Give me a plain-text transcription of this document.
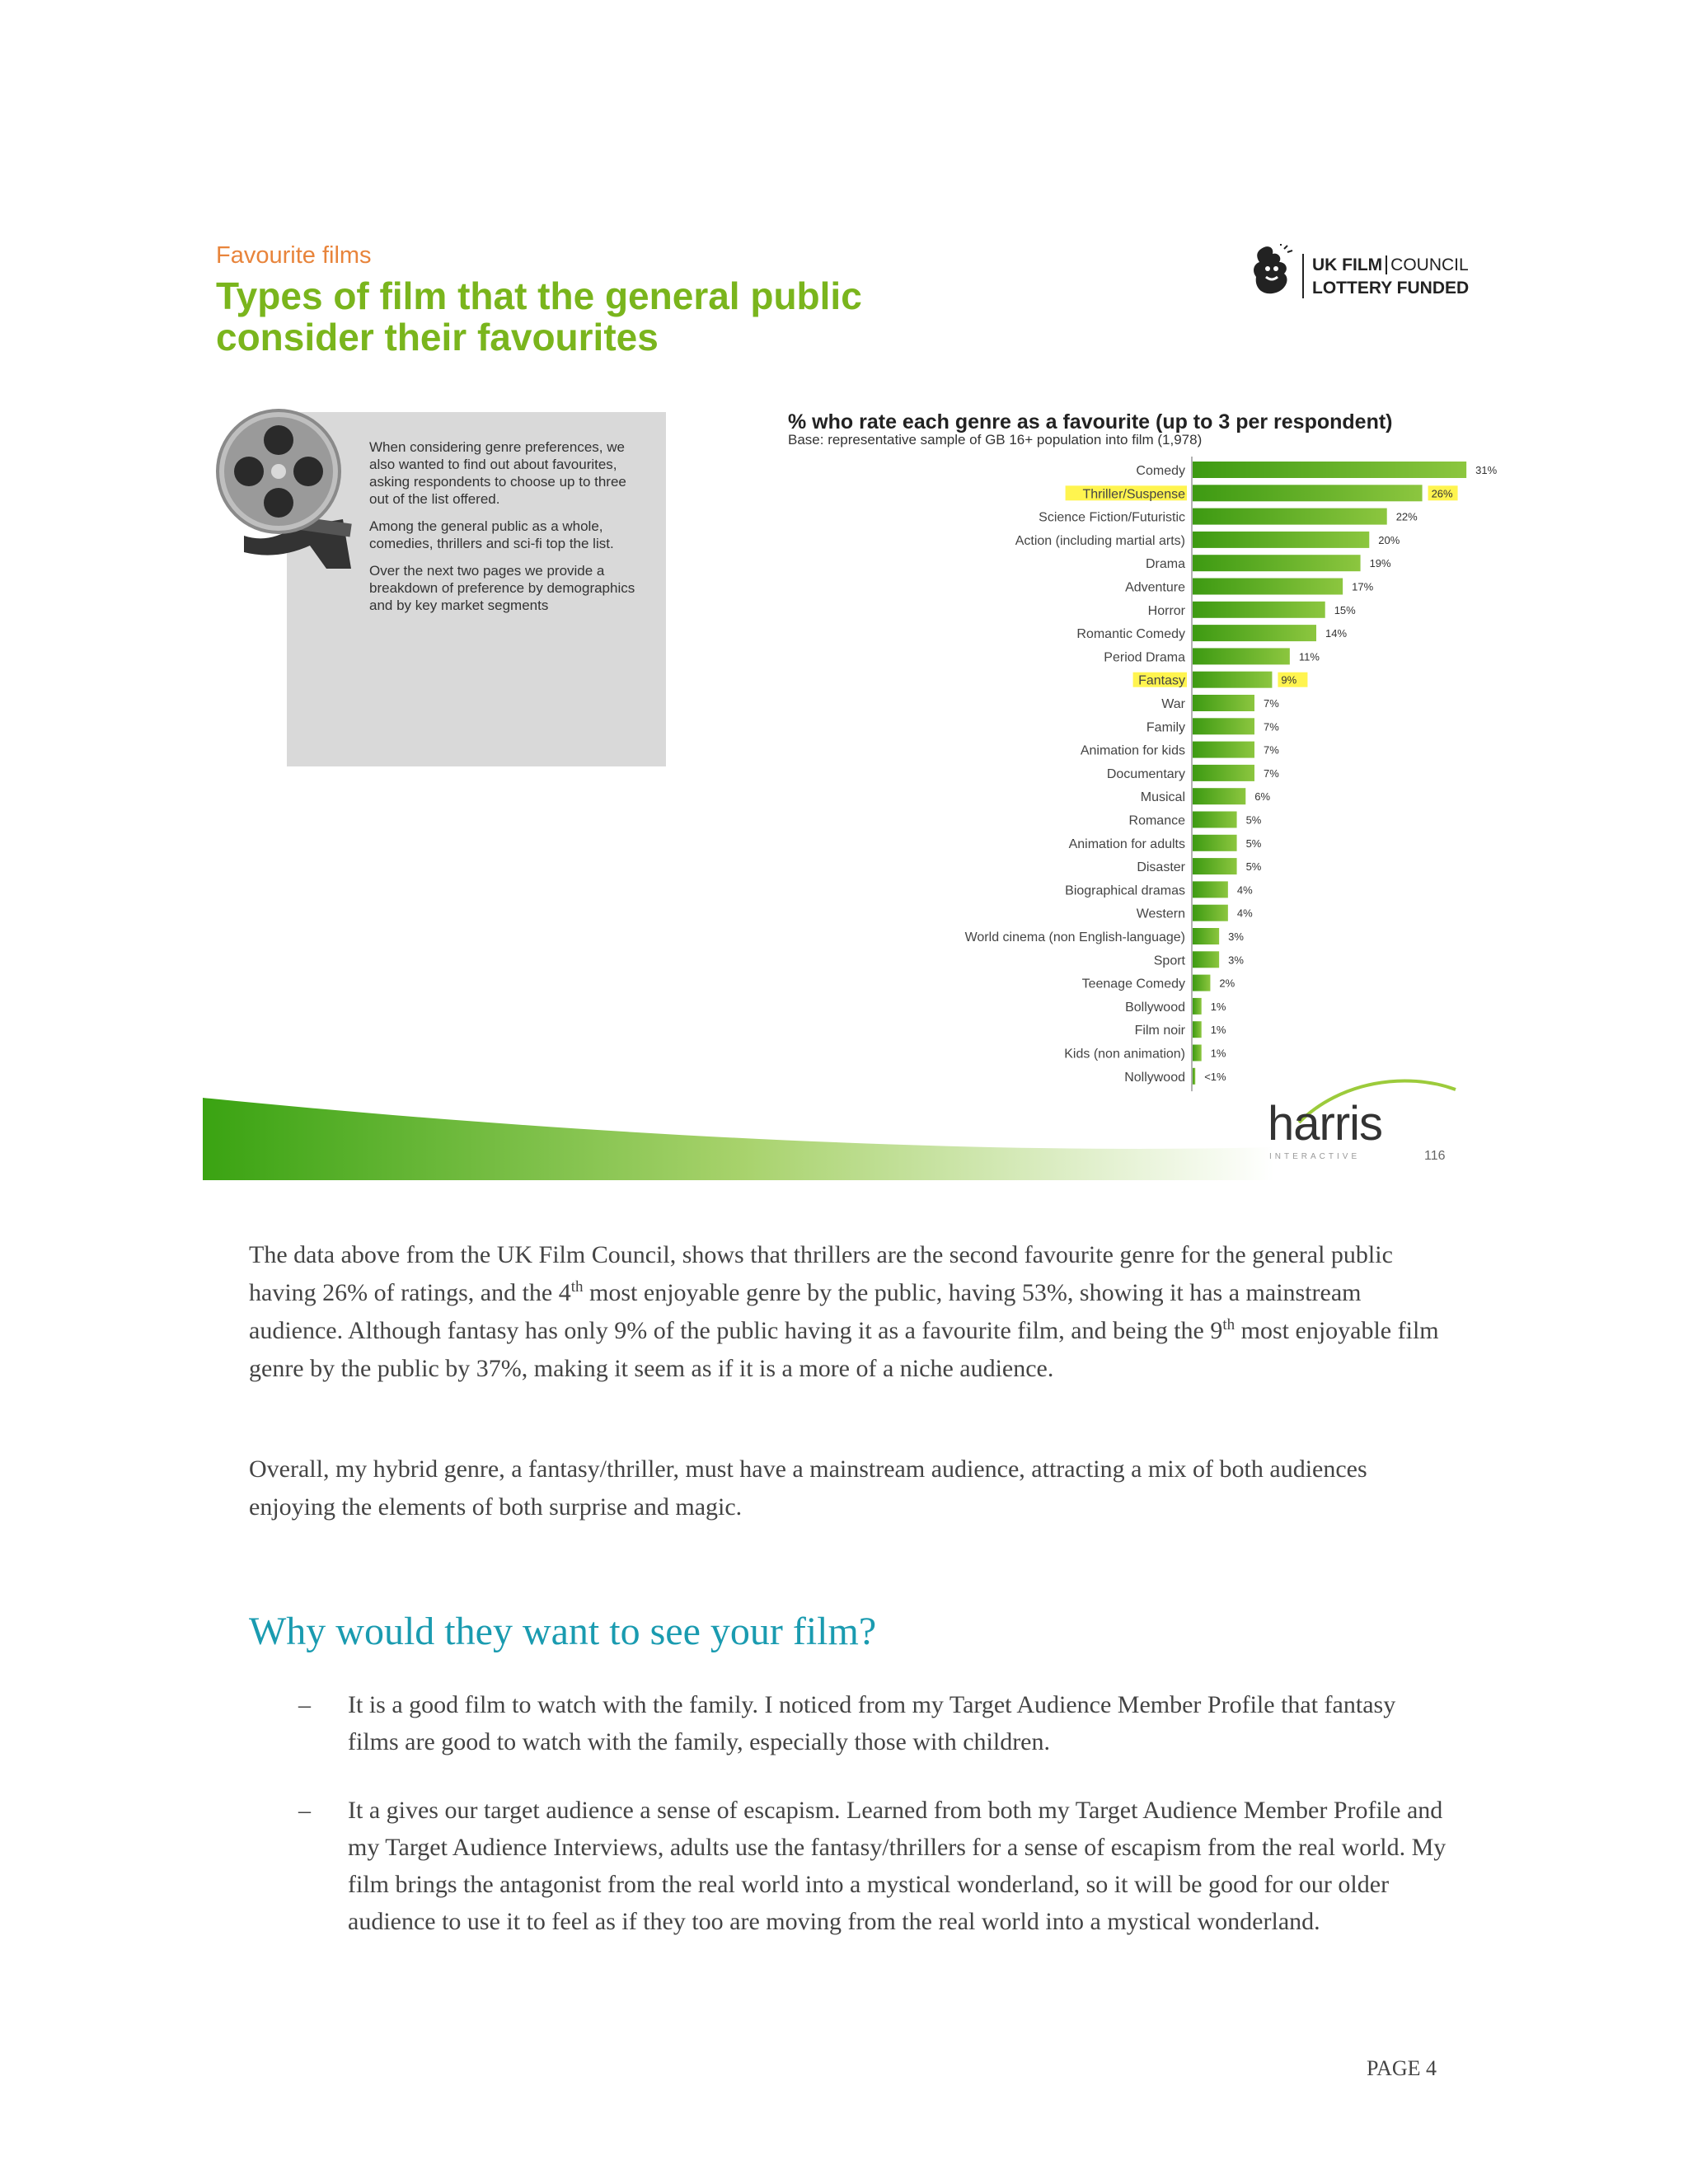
Favourite films
Types of film that the general public consider their favourites
UK FILM COUNCIL
LOTTERY FUNDED

When considering genre preferences, we also wanted to find out about favourites, asking respondents to choose up to three out of the list offered.

Among the general public as a whole, comedies, thrillers and sci-fi top the list.

Over the next two pages we provide a breakdown of preference by demographics and by key market segments

% who rate each genre as a favourite (up to 3 per respondent)
Base: representative sample of GB 16+ population into film (1,978)
Comedy	31%
Thriller/Suspense	26%
Science Fiction/Futuristic	22%
Action (including martial arts)	20%
Drama	19%
Adventure	17%
Horror	15%
Romantic Comedy	14%
Period Drama	11%
Fantasy	9%
War	7%
Family	7%
Animation for kids	7%
Documentary	7%
Musical	6%
Romance	5%
Animation for adults	5%
Disaster	5%
Biographical dramas	4%
Western	4%
World cinema (non English-language)	3%
Sport	3%
Teenage Comedy	2%
Bollywood 1%
Film noir 1%
Kids (non animation) 1%
Nollywood <1%
harris
INTERACTIVE	116

The data above from the UK Film Council, shows that thrillers are the second favourite genre for the general public having 26% of ratings, and the 4th most enjoyable genre by the public, having 53%, showing it has a mainstream audience. Although fantasy has only 9% of the public having it as a favourite film, and being the 9th most enjoyable film genre by the public by 37%, making it seem as if it is a more of a niche audience.

Overall, my hybrid genre, a fantasy/thriller, must have a mainstream audience, attracting a mix of both audiences enjoying the elements of both surprise and magic.

Why would they want to see your film?
– It is a good film to watch with the family. I noticed from my Target Audience Member Profile that fantasy films are good to watch with the family, especially those with children.
– It a gives our target audience a sense of escapism. Learned from both my Target Audience Member Profile and my Target Audience Interviews, adults use the fantasy/thrillers for a sense of escapism from the real world. My film brings the antagonist from the real world into a mystical wonderland, so it will be good for our older audience to use it to feel as if they too are moving from the real world into a mystical wonderland.
PAGE 4
